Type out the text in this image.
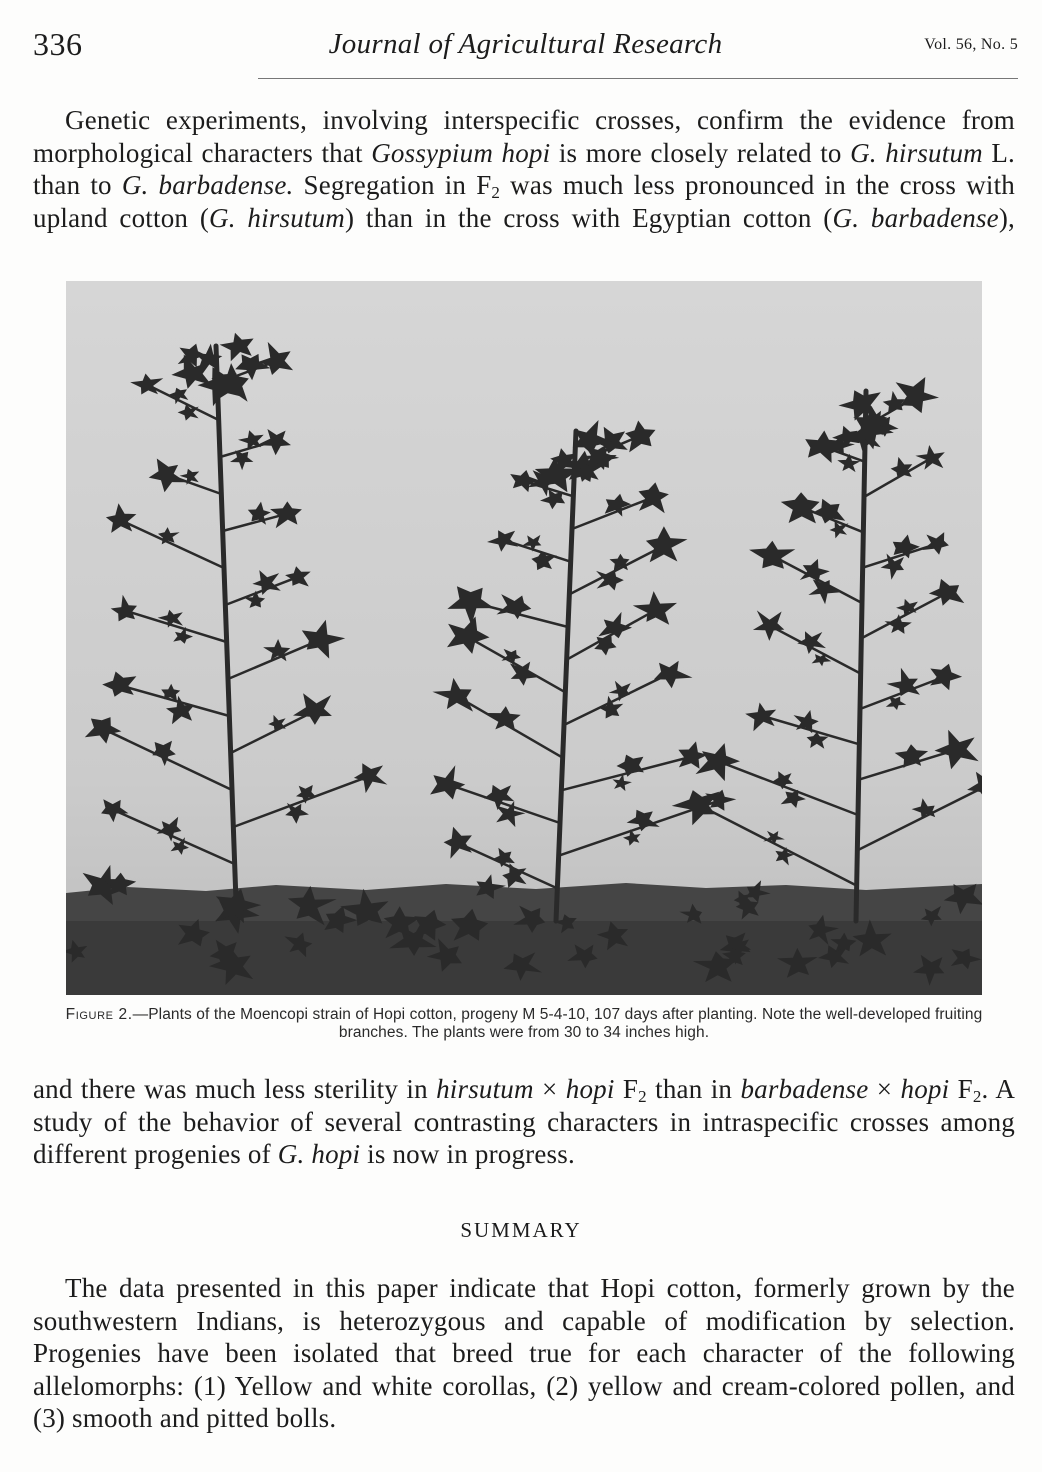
336	Journal of Agricultural Research	Vol. 56, No. 5

Genetic experiments, involving interspecific crosses, confirm the evidence from morphological characters that Gossypium hopi is more closely related to G. hirsutum L. than to G. barbadense. Segregation in $F_2$ was much less pronounced in the cross with upland cotton (G. hirsutum) than in the cross with Egyptian cotton (G. barbadense),

Figure 2.—Plants of the Moencopi strain of Hopi cotton, progeny M 5-4-10, 107 days after planting. Note the well-developed fruiting branches. The plants were from 30 to 34 inches high.

and there was much less sterility in hirsutum × hopi $F_2$ than in barbadense × hopi $F_2$. A study of the behavior of several contrasting characters in intraspecific crosses among different progenies of G. hopi is now in progress.

SUMMARY

The data presented in this paper indicate that Hopi cotton, formerly grown by the southwestern Indians, is heterozygous and capable of modification by selection. Progenies have been isolated that breed true for each character of the following allelomorphs: (1) Yellow and white corollas, (2) yellow and cream-colored pollen, and (3) smooth and pitted bolls.
